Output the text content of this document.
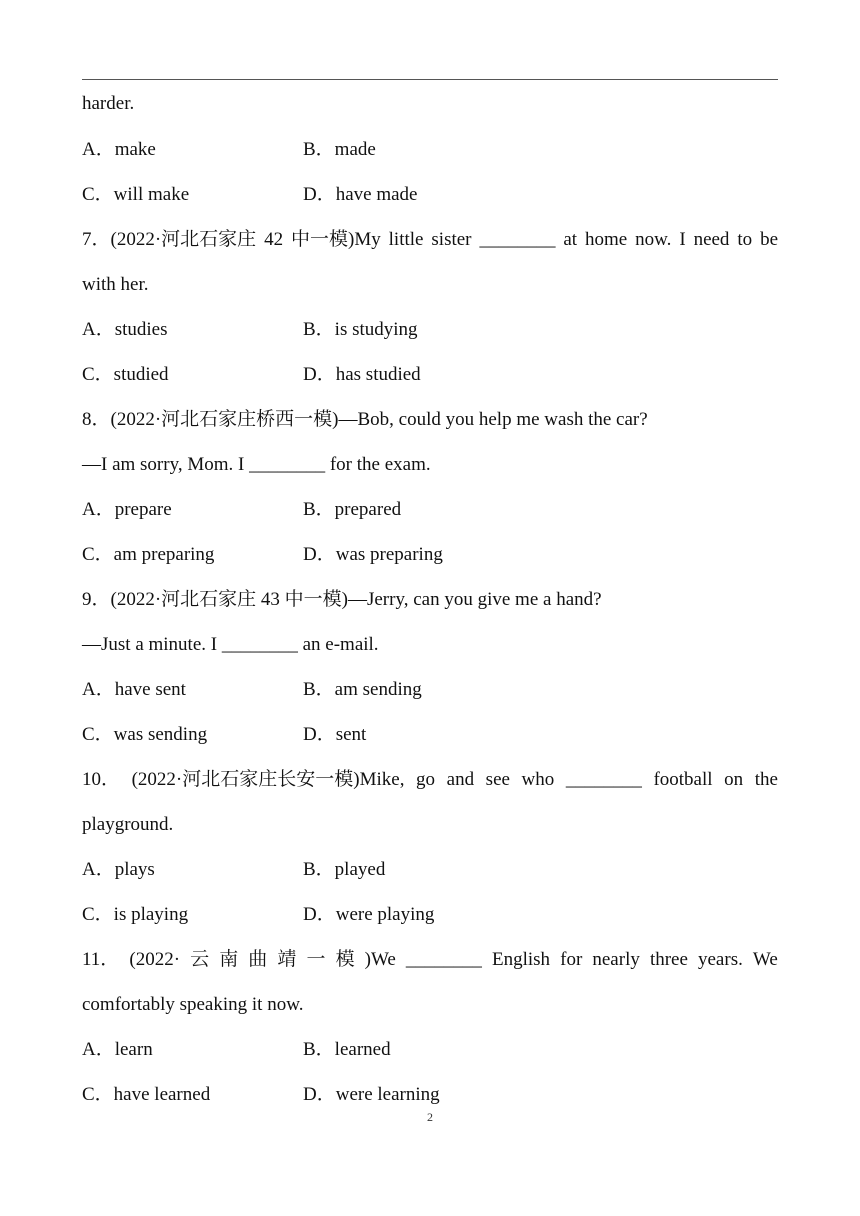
harder.
A．make	B．made
C．will make	D．have made
7．(2022·河北石家庄 42 中一模)My little sister ________ at home now. I need to be
with her.
A．studies	B．is studying
C．studied	D．has studied
8．(2022·河北石家庄桥西一模)—Bob, could you help me wash the car?
—I am sorry, Mom. I ________ for the exam.
A．prepare	B．prepared
C．am preparing	D．was preparing
9．(2022·河北石家庄 43 中一模)—Jerry, can you give me a hand?
—Just a minute. I ________ an e-mail.
A．have sent	B．am sending
C．was sending	D．sent
10． (2022·河北石家庄长安一模)Mike, go and see who ________ football on the
playground.
A．plays	B．played
C．is playing	D．were playing
11． (2022· 云 南 曲 靖 一 模 )We ________ English for nearly three years. We
comfortably speaking it now.
A．learn	B．learned
C．have learned	D．were learning
2
